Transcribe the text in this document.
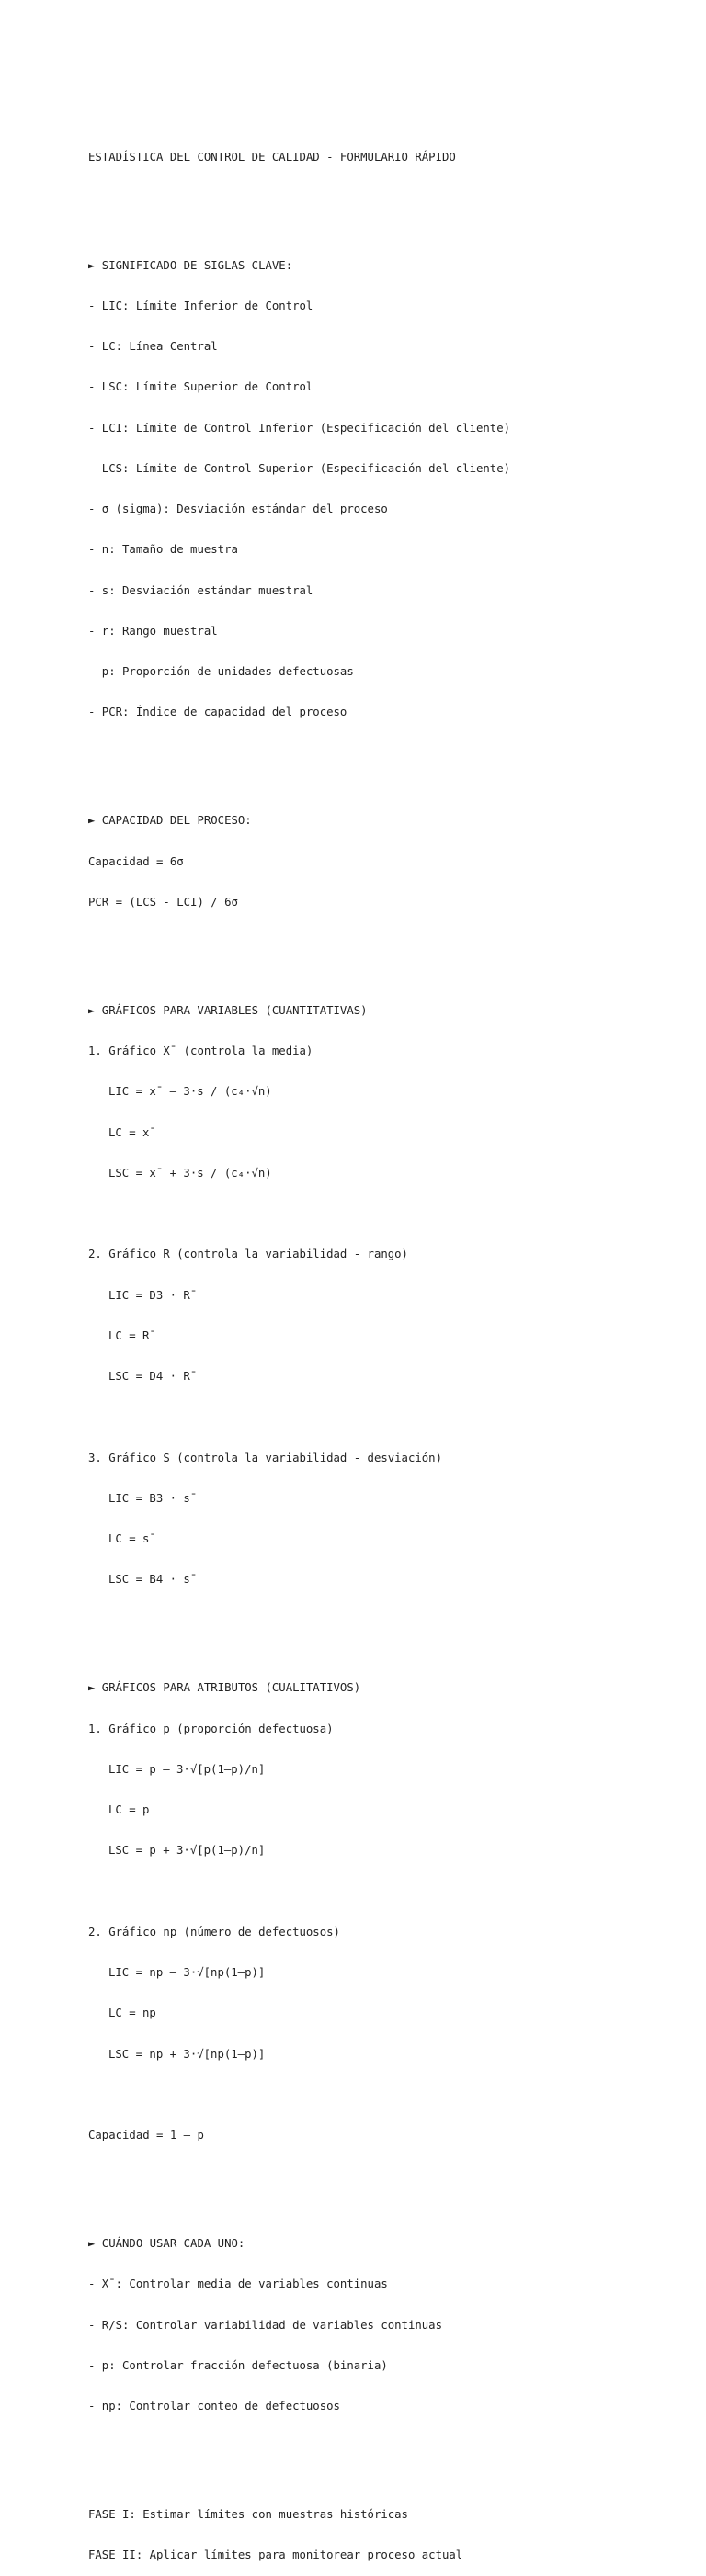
ESTADÍSTICA DEL CONTROL DE CALIDAD - FORMULARIO RÁPIDO

► SIGNIFICADO DE SIGLAS CLAVE:

- LIC: Límite Inferior de Control

- LC: Línea Central

- LSC: Límite Superior de Control

- LCI: Límite de Control Inferior (Especificación del cliente)

- LCS: Límite de Control Superior (Especificación del cliente)

- σ (sigma): Desviación estándar del proceso

- n: Tamaño de muestra

- s: Desviación estándar muestral

- r: Rango muestral

- p: Proporción de unidades defectuosas

- PCR: Índice de capacidad del proceso

► CAPACIDAD DEL PROCESO:

Capacidad = 6σ

PCR = (LCS - LCI) / 6σ

► GRÁFICOS PARA VARIABLES (CUANTITATIVAS)

1. Gráfico X¯ (controla la media)

LIC = x¯ – 3·s / (c₄·√n)

LC = x¯

LSC = x¯ + 3·s / (c₄·√n)

2. Gráfico R (controla la variabilidad - rango)

LIC = D3 · R¯

LC = R¯

LSC = D4 · R¯

3. Gráfico S (controla la variabilidad - desviación)

LIC = B3 · s¯

LC = s¯

LSC = B4 · s¯

► GRÁFICOS PARA ATRIBUTOS (CUALITATIVOS)

1. Gráfico p (proporción defectuosa)

LIC = p – 3·√[p(1–p)/n]

LC = p

LSC = p + 3·√[p(1–p)/n]

2. Gráfico np (número de defectuosos)

LIC = np – 3·√[np(1–p)]

LC = np

LSC = np + 3·√[np(1–p)]

Capacidad = 1 – p

► CUÁNDO USAR CADA UNO:

- X¯: Controlar media de variables continuas

- R/S: Controlar variabilidad de variables continuas

- p: Controlar fracción defectuosa (binaria)

- np: Controlar conteo de defectuosos

FASE I: Estimar límites con muestras históricas

FASE II: Aplicar límites para monitorear proceso actual
